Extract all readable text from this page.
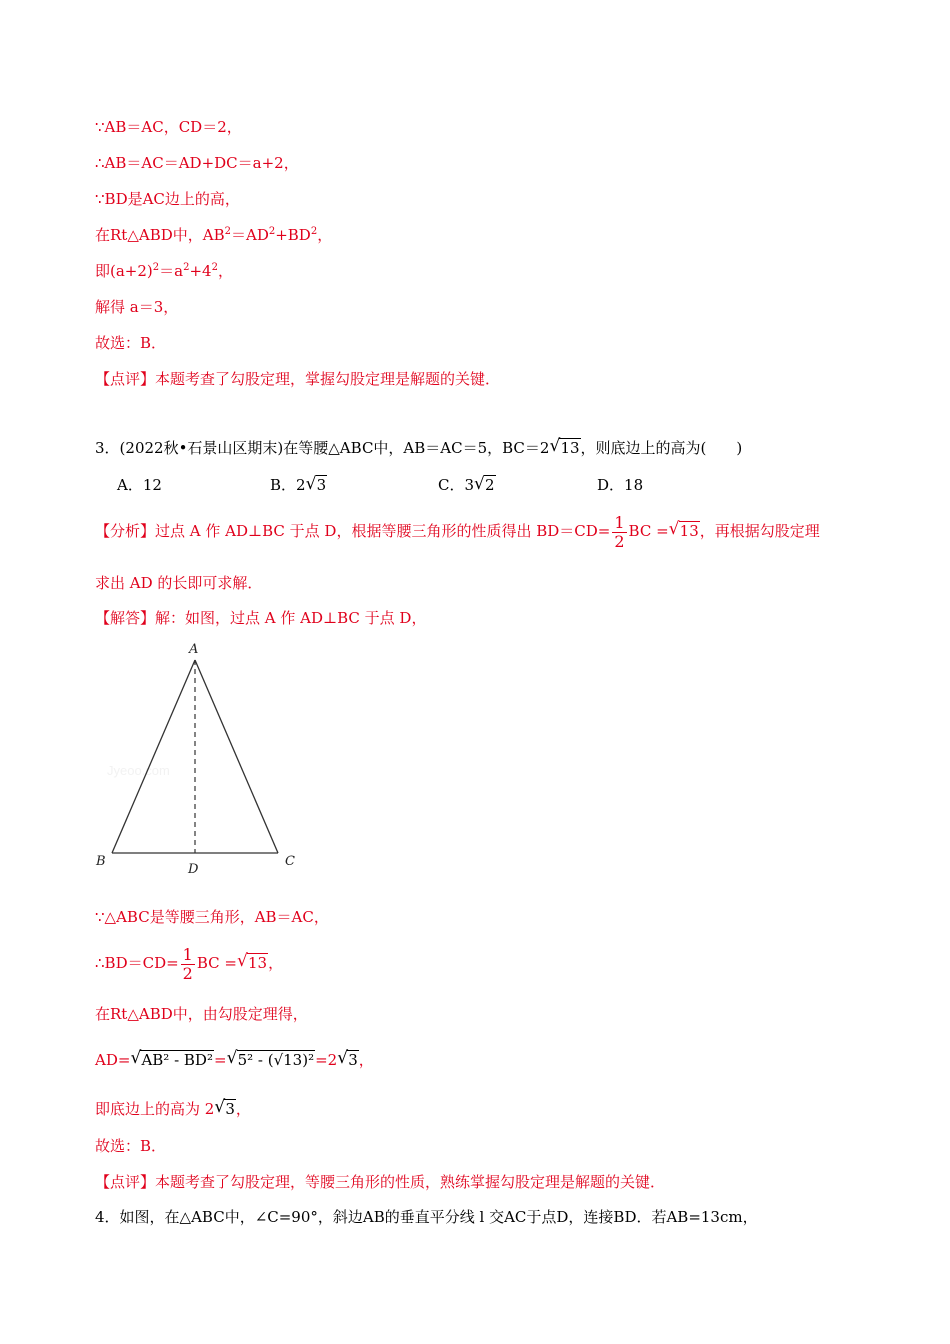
∵AB＝AC，CD＝2，
∴AB＝AC＝AD+DC＝a+2，
∵BD是AC边上的高，
在Rt△ABD中，$AB^2=AD^2+BD^2$，
即$(a+2)^2=a^2+4^2$，
解得 a＝3，
故选：B．
【点评】本题考查了勾股定理，掌握勾股定理是解题的关键．
3．(2022秋•石景山区期末)在等腰△ABC中，AB＝AC＝5，BC＝2 √ 13，则底边上的高为(　　)
A．12	B．2 √ 3	C．3 √ 2	D．18
【分析】过点 A 作 AD⊥BC 于点 D，根据等腰三角形的性质得出 $BD=CD= \frac{1}{2}$ BC = √ 13，再根据勾股定理
求出 AD 的长即可求解．
【解答】解：如图，过点 A 作 AD⊥BC 于点 D，
Jyeoo.com
A
B	C
D
∵△ABC是等腰三角形，AB＝AC，
∴BD＝CD= $\frac{1}{2}$ BC = √ 13，
在Rt△ABD中，由勾股定理得，
AD= √ AB² - BD²= √ 5² - (√13)²=2 √ 3，
即底边上的高为 2 √ 3，
故选：B．
【点评】本题考查了勾股定理，等腰三角形的性质，熟练掌握勾股定理是解题的关键．
4．如图，在△ABC中，∠C=90°，斜边AB的垂直平分线 l 交AC于点D，连接BD．若AB=13cm，
